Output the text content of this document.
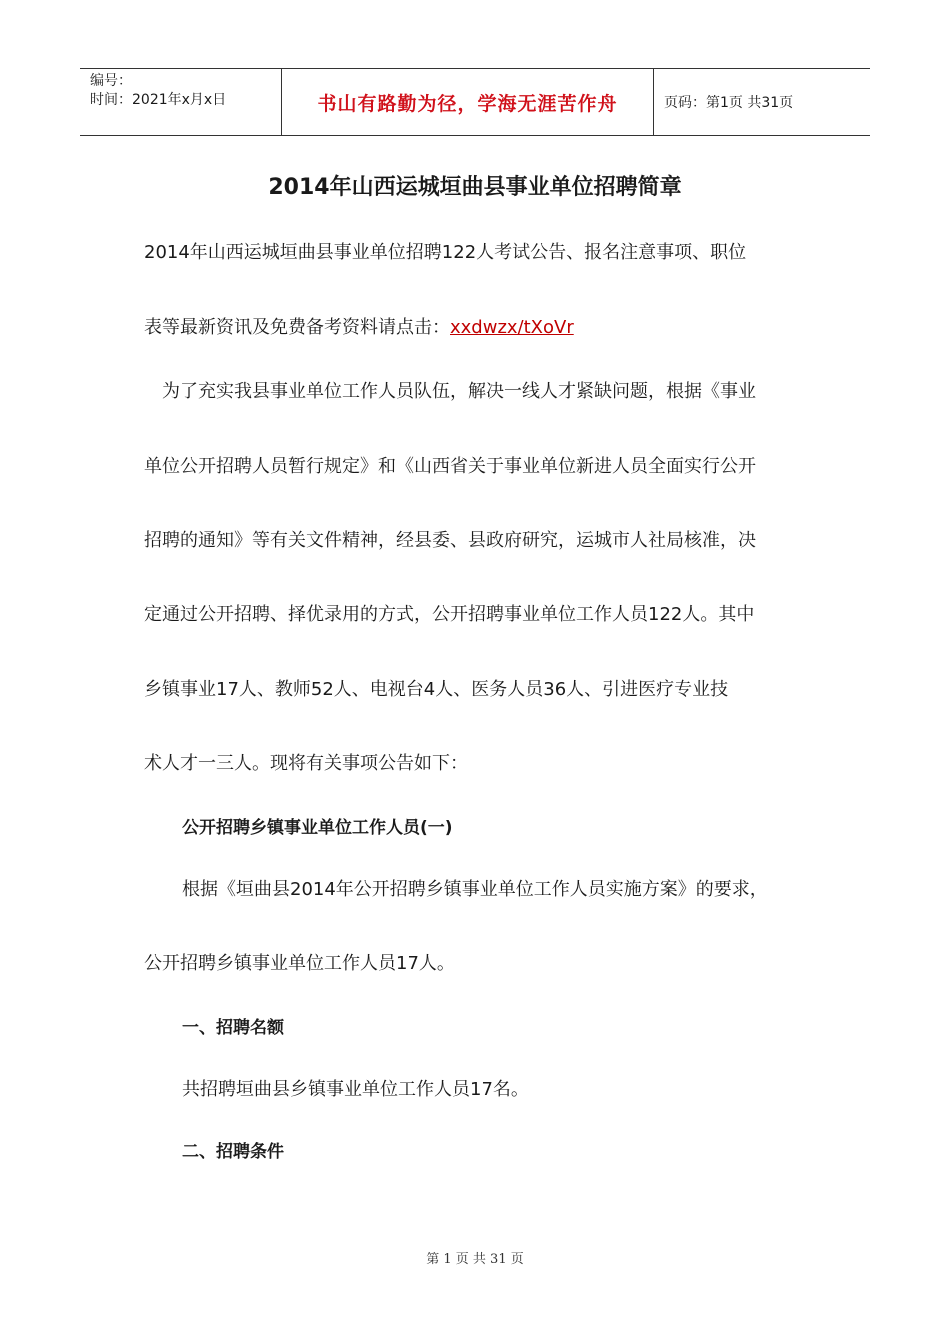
编号：
时间：2021年x月x日	书山有路勤为径，学海无涯苦作舟	页码：第1页 共31页
2014年山西运城垣曲县事业单位招聘简章
2014年山西运城垣曲县事业单位招聘122人考试公告、报名注意事项、职位
表等最新资讯及免费备考资料请点击：xxdwzx/tXoVr
为了充实我县事业单位工作人员队伍，解决一线人才紧缺问题，根据《事业
单位公开招聘人员暂行规定》和《山西省关于事业单位新进人员全面实行公开
招聘的通知》等有关文件精神，经县委、县政府研究，运城市人社局核准，决
定通过公开招聘、择优录用的方式，公开招聘事业单位工作人员122人。其中
乡镇事业17人、教师52人、电视台4人、医务人员36人、引进医疗专业技
术人才一三人。现将有关事项公告如下：
公开招聘乡镇事业单位工作人员(一)
根据《垣曲县2014年公开招聘乡镇事业单位工作人员实施方案》的要求，
公开招聘乡镇事业单位工作人员17人。
一、招聘名额
共招聘垣曲县乡镇事业单位工作人员17名。
二、招聘条件
第 1 页 共 31 页
